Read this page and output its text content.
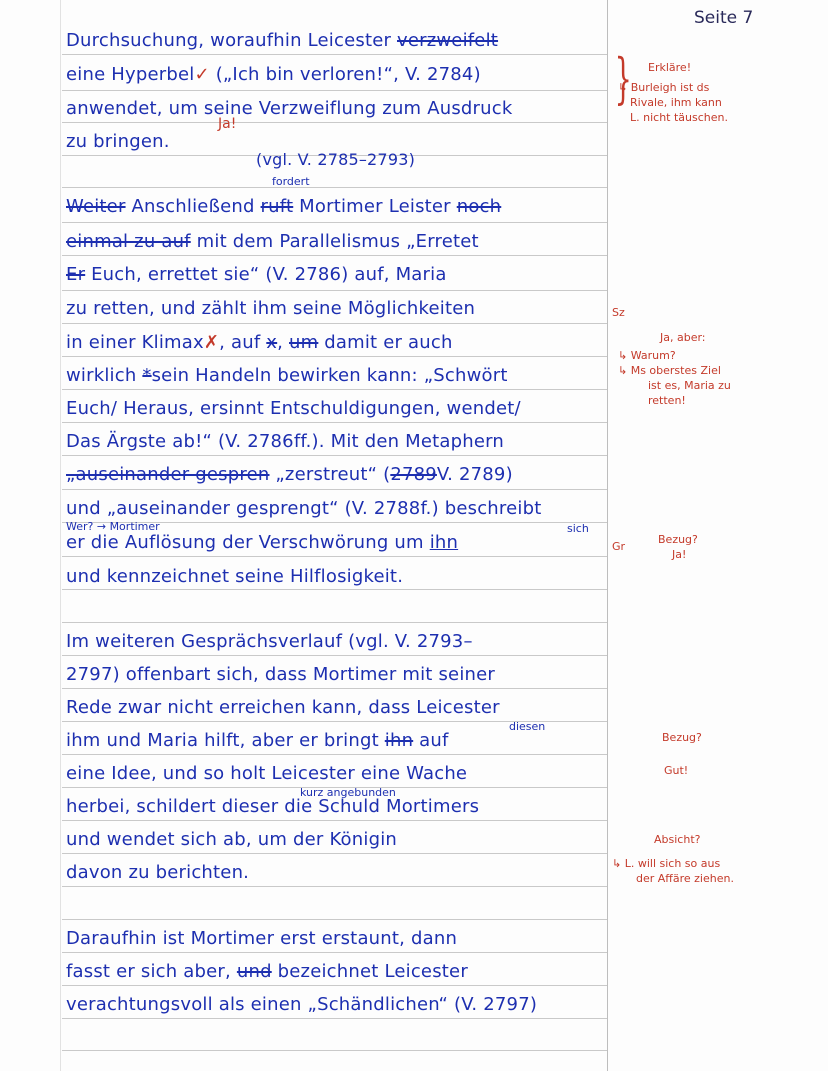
Seite 7
Durchsuchung, woraufhin Leicester verzweifelt
eine Hyperbel✓ („Ich bin verloren!“, V. 2784)
anwendet, um seine Verzweiflung zum Ausdruck
zu bringen.
Ja!
(vgl. V. 2785–2793)
fordert
Weiter Anschließend ruft Mortimer Leister noch
einmal zu auf mit dem Parallelismus „Erretet
Er Euch, errettet sie“ (V. 2786) auf, Maria
zu retten, und zählt ihm seine Möglichkeiten	Sz
in einer Klimax✗, auf x, um damit er auch
wirklich *sein Handeln bewirken kann: „Schwört
Euch/ Heraus, ersinnt Entschuldigungen, wendet/
Das Ärgste ab!“ (V. 2786ff.). Mit den Metaphern
„auseinander gespren „zerstreut“ (2789V. 2789)
und „auseinander gesprengt“ (V. 2788f.) beschreibt
Wer? → Mortimer	sich
er die Auflösung der Verschwörung um ihn	Gr
und kennzeichnet seine Hilflosigkeit.
Im weiteren Gesprächsverlauf (vgl. V. 2793–
2797) offenbart sich, dass Mortimer mit seiner
Rede zwar nicht erreichen kann, dass Leicester
diesen
ihm und Maria hilft, aber er bringt ihn auf
eine Idee, und so holt Leicester eine Wache
kurz angebunden
herbei, schildert dieser die Schuld Mortimers
und wendet sich ab, um der Königin
davon zu berichten.
Daraufhin ist Mortimer erst erstaunt, dann
fasst er sich aber, und bezeichnet Leicester
verachtungsvoll als einen „Schändlichen“ (V. 2797)
} Erkläre!
↳ Burleigh ist ds
Rivale, ihm kann
L. nicht täuschen.
Ja, aber:
↳ Warum?
↳ Ms oberstes Ziel
ist es, Maria zu
retten!
Bezug?
Ja!
Bezug?
Gut!
Absicht?
↳ L. will sich so aus
der Affäre ziehen.
